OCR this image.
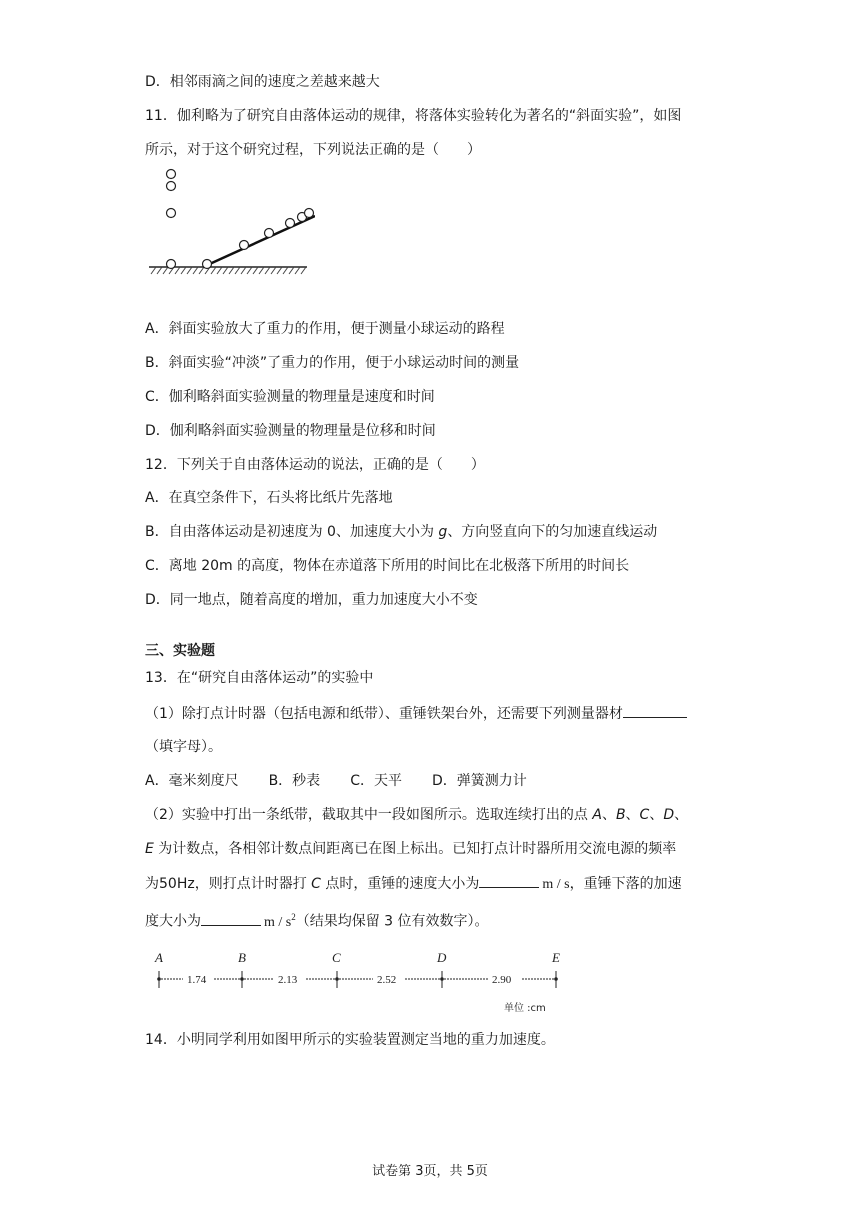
D．相邻雨滴之间的速度之差越来越大
11．伽利略为了研究自由落体运动的规律，将落体实验转化为著名的“斜面实验”，如图
所示，对于这个研究过程，下列说法正确的是（　　）
A．斜面实验放大了重力的作用，便于测量小球运动的路程
B．斜面实验“冲淡”了重力的作用，便于小球运动时间的测量
C．伽利略斜面实验测量的物理量是速度和时间
D．伽利略斜面实验测量的物理量是位移和时间
12．下列关于自由落体运动的说法，正确的是（　　）
A．在真空条件下，石头将比纸片先落地
B．自由落体运动是初速度为 0、加速度大小为 g、方向竖直向下的匀加速直线运动
C．离地 20m 的高度，物体在赤道落下所用的时间比在北极落下所用的时间长
D．同一地点，随着高度的增加，重力加速度大小不变
三、实验题
13．在“研究自由落体运动”的实验中
（1）除打点计时器（包括电源和纸带）、重锤铁架台外，还需要下列测量器材
（填字母）。
A．毫米刻度尺 B．秒表 C．天平 D．弹簧测力计
（2）实验中打出一条纸带，截取其中一段如图所示。选取连续打出的点 A、B、C、D、
E 为计数点，各相邻计数点间距离已在图上标出。已知打点计时器所用交流电源的频率
为50Hz，则打点计时器打 C 点时，重锤的速度大小为	m / s，重锤下落的加速
度大小为	m / $s^2$（结果均保留 3 位有效数字）。
A	B	C	D	E
1.74	2.13	2.52	2.90
单位 :cm
14．小明同学利用如图甲所示的实验装置测定当地的重力加速度。
试卷第 3页，共 5页
